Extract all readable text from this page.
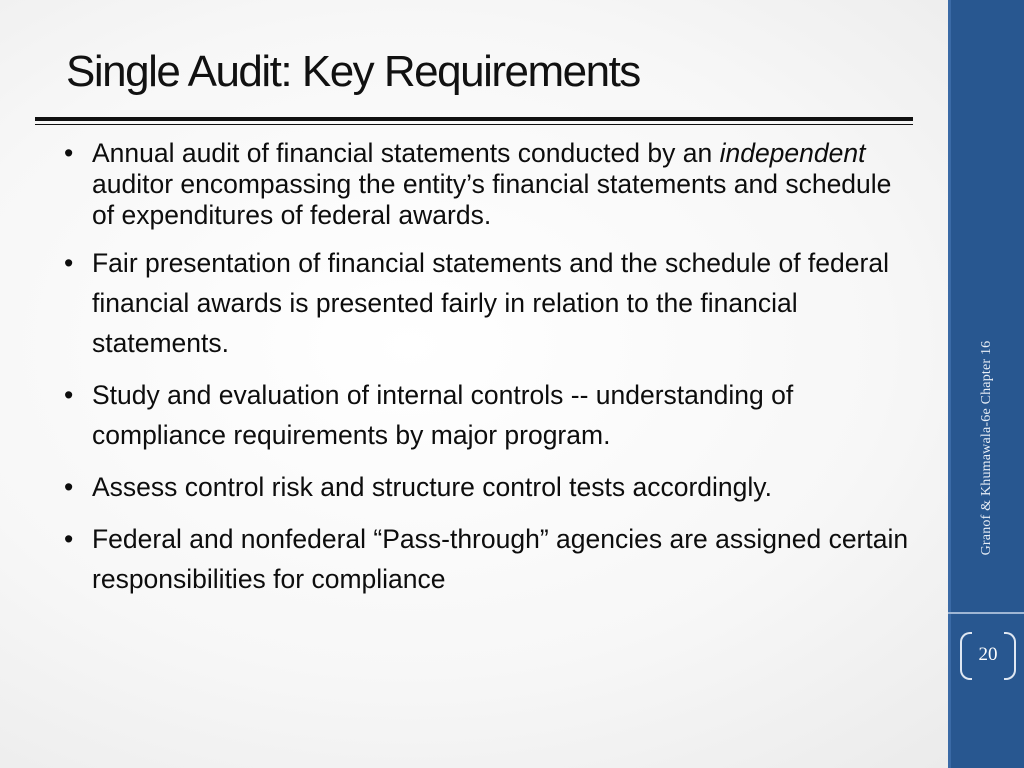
Single Audit: Key Requirements
• Annual audit of financial statements conducted by an independent auditor encompassing the entity’s financial statements and schedule of expenditures of federal awards.
• Fair presentation of financial statements and the schedule of federal financial awards is presented fairly in relation to the financial statements.
• Study and evaluation of internal controls -- understanding of compliance requirements by major program.
• Assess control risk and structure control tests accordingly.
• Federal and nonfederal “Pass-through” agencies are assigned certain responsibilities for compliance
Granof & Khumawala-6e Chapter 16
20
